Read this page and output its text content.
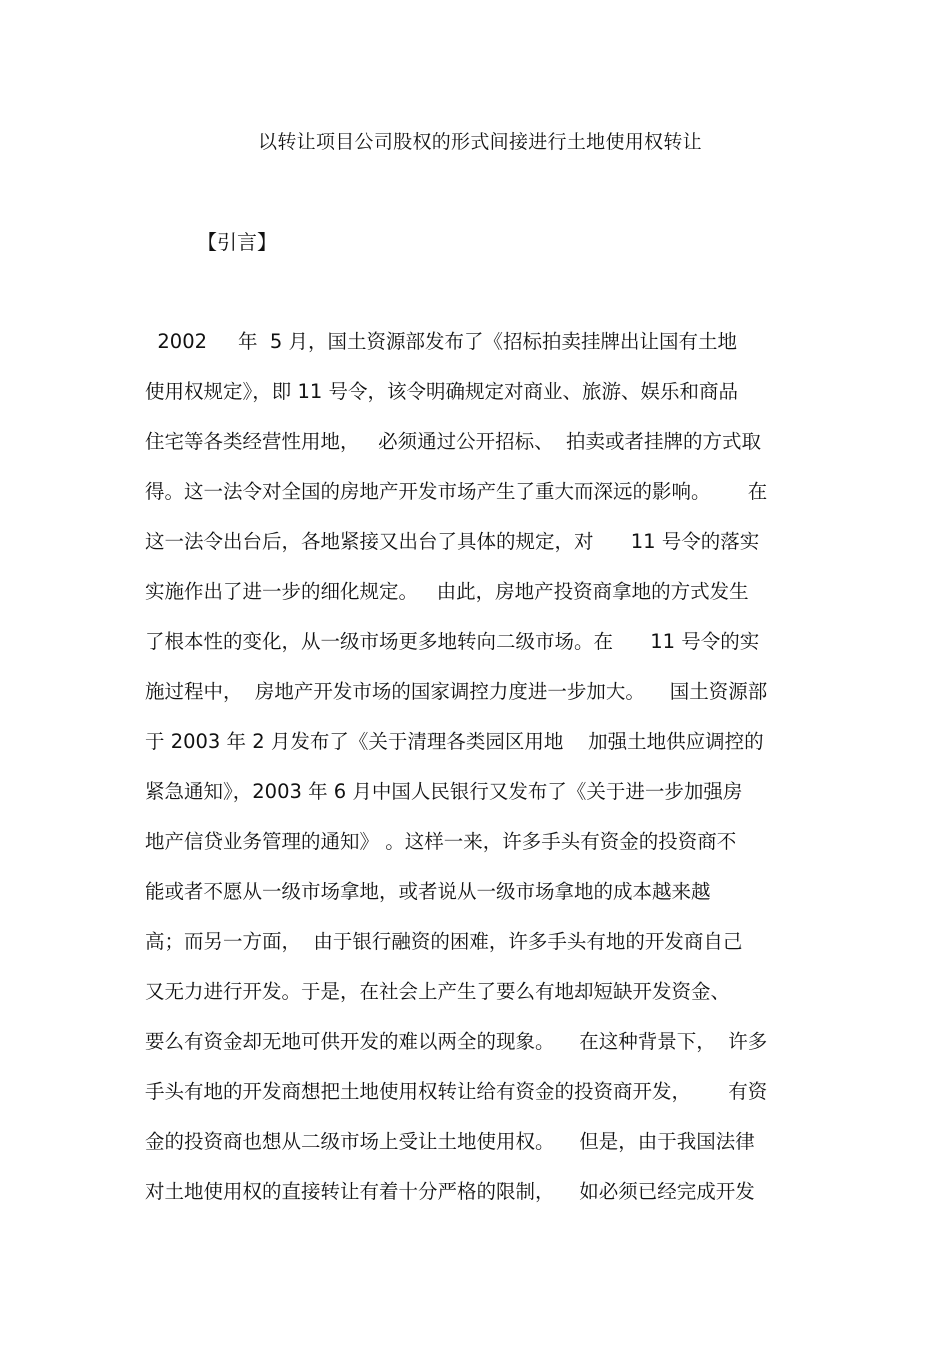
以转让项目公司股权的形式间接进行土地使用权转让
【引言】
2002     年  5 月，国土资源部发布了《招标拍卖挂牌出让国有土地
使用权规定》，即 11 号令，该令明确规定对商业、旅游、娱乐和商品
住宅等各类经营性用地，   必须通过公开招标、  拍卖或者挂牌的方式取
得。这一法令对全国的房地产开发市场产生了重大而深远的影响。      在
这一法令出台后，各地紧接又出台了具体的规定，对      11 号令的落实
实施作出了进一步的细化规定。   由此，房地产投资商拿地的方式发生
了根本性的变化，从一级市场更多地转向二级市场。在      11 号令的实
施过程中，  房地产开发市场的国家调控力度进一步加大。    国土资源部
于 2003 年 2 月发布了《关于清理各类园区用地    加强土地供应调控的
紧急通知》，2003 年 6 月中国人民银行又发布了《关于进一步加强房
地产信贷业务管理的通知》 。这样一来，许多手头有资金的投资商不
能或者不愿从一级市场拿地，或者说从一级市场拿地的成本越来越
高；而另一方面，  由于银行融资的困难，许多手头有地的开发商自己
又无力进行开发。于是，在社会上产生了要么有地却短缺开发资金、
要么有资金却无地可供开发的难以两全的现象。    在这种背景下，  许多
手头有地的开发商想把土地使用权转让给有资金的投资商开发，      有资
金的投资商也想从二级市场上受让土地使用权。    但是，由于我国法律
对土地使用权的直接转让有着十分严格的限制，    如必须已经完成开发
